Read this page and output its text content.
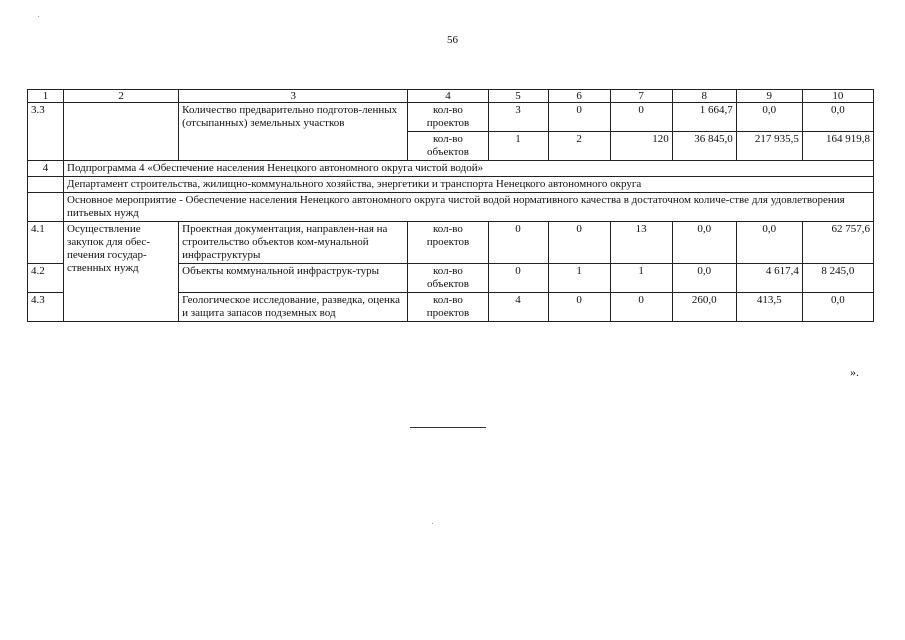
56
1	2	3	4	5	6	7	8	9	10
3.3		Количество предварительно подготов-ленных (отсыпанных) земельных участков	кол-во проектов	3	0	0	1 664,7	0,0	0,0
			кол-во объектов	1	2	120	36 845,0	217 935,5	164 919,8
4	Подпрограмма 4 «Обеспечение населения Ненецкого автономного округа чистой водой»								
	Департамент строительства, жилищно-коммунального хозяйства, энергетики и транспорта Ненецкого автономного округа								
	Основное мероприятие - Обеспечение населения Ненецкого автономного округа чистой водой нормативного качества в достаточном количе-стве для удовлетворения питьевых нужд								
4.1	Осуществление закупок для обес-печения государ-ственных нужд	Проектная документация, направлен-ная на строительство объектов ком-мунальной инфраструктуры	кол-во проектов	0	0	13	0,0	0,0	62 757,6
4.2		Объекты коммунальной инфраструк-туры	кол-во объектов	0	1	1	0,0	4 617,4	8 245,0
4.3		Геологическое исследование, разведка, оценка и защита запасов подземных вод	кол-во проектов	4	0	0	260,0	413,5	0,0
».
